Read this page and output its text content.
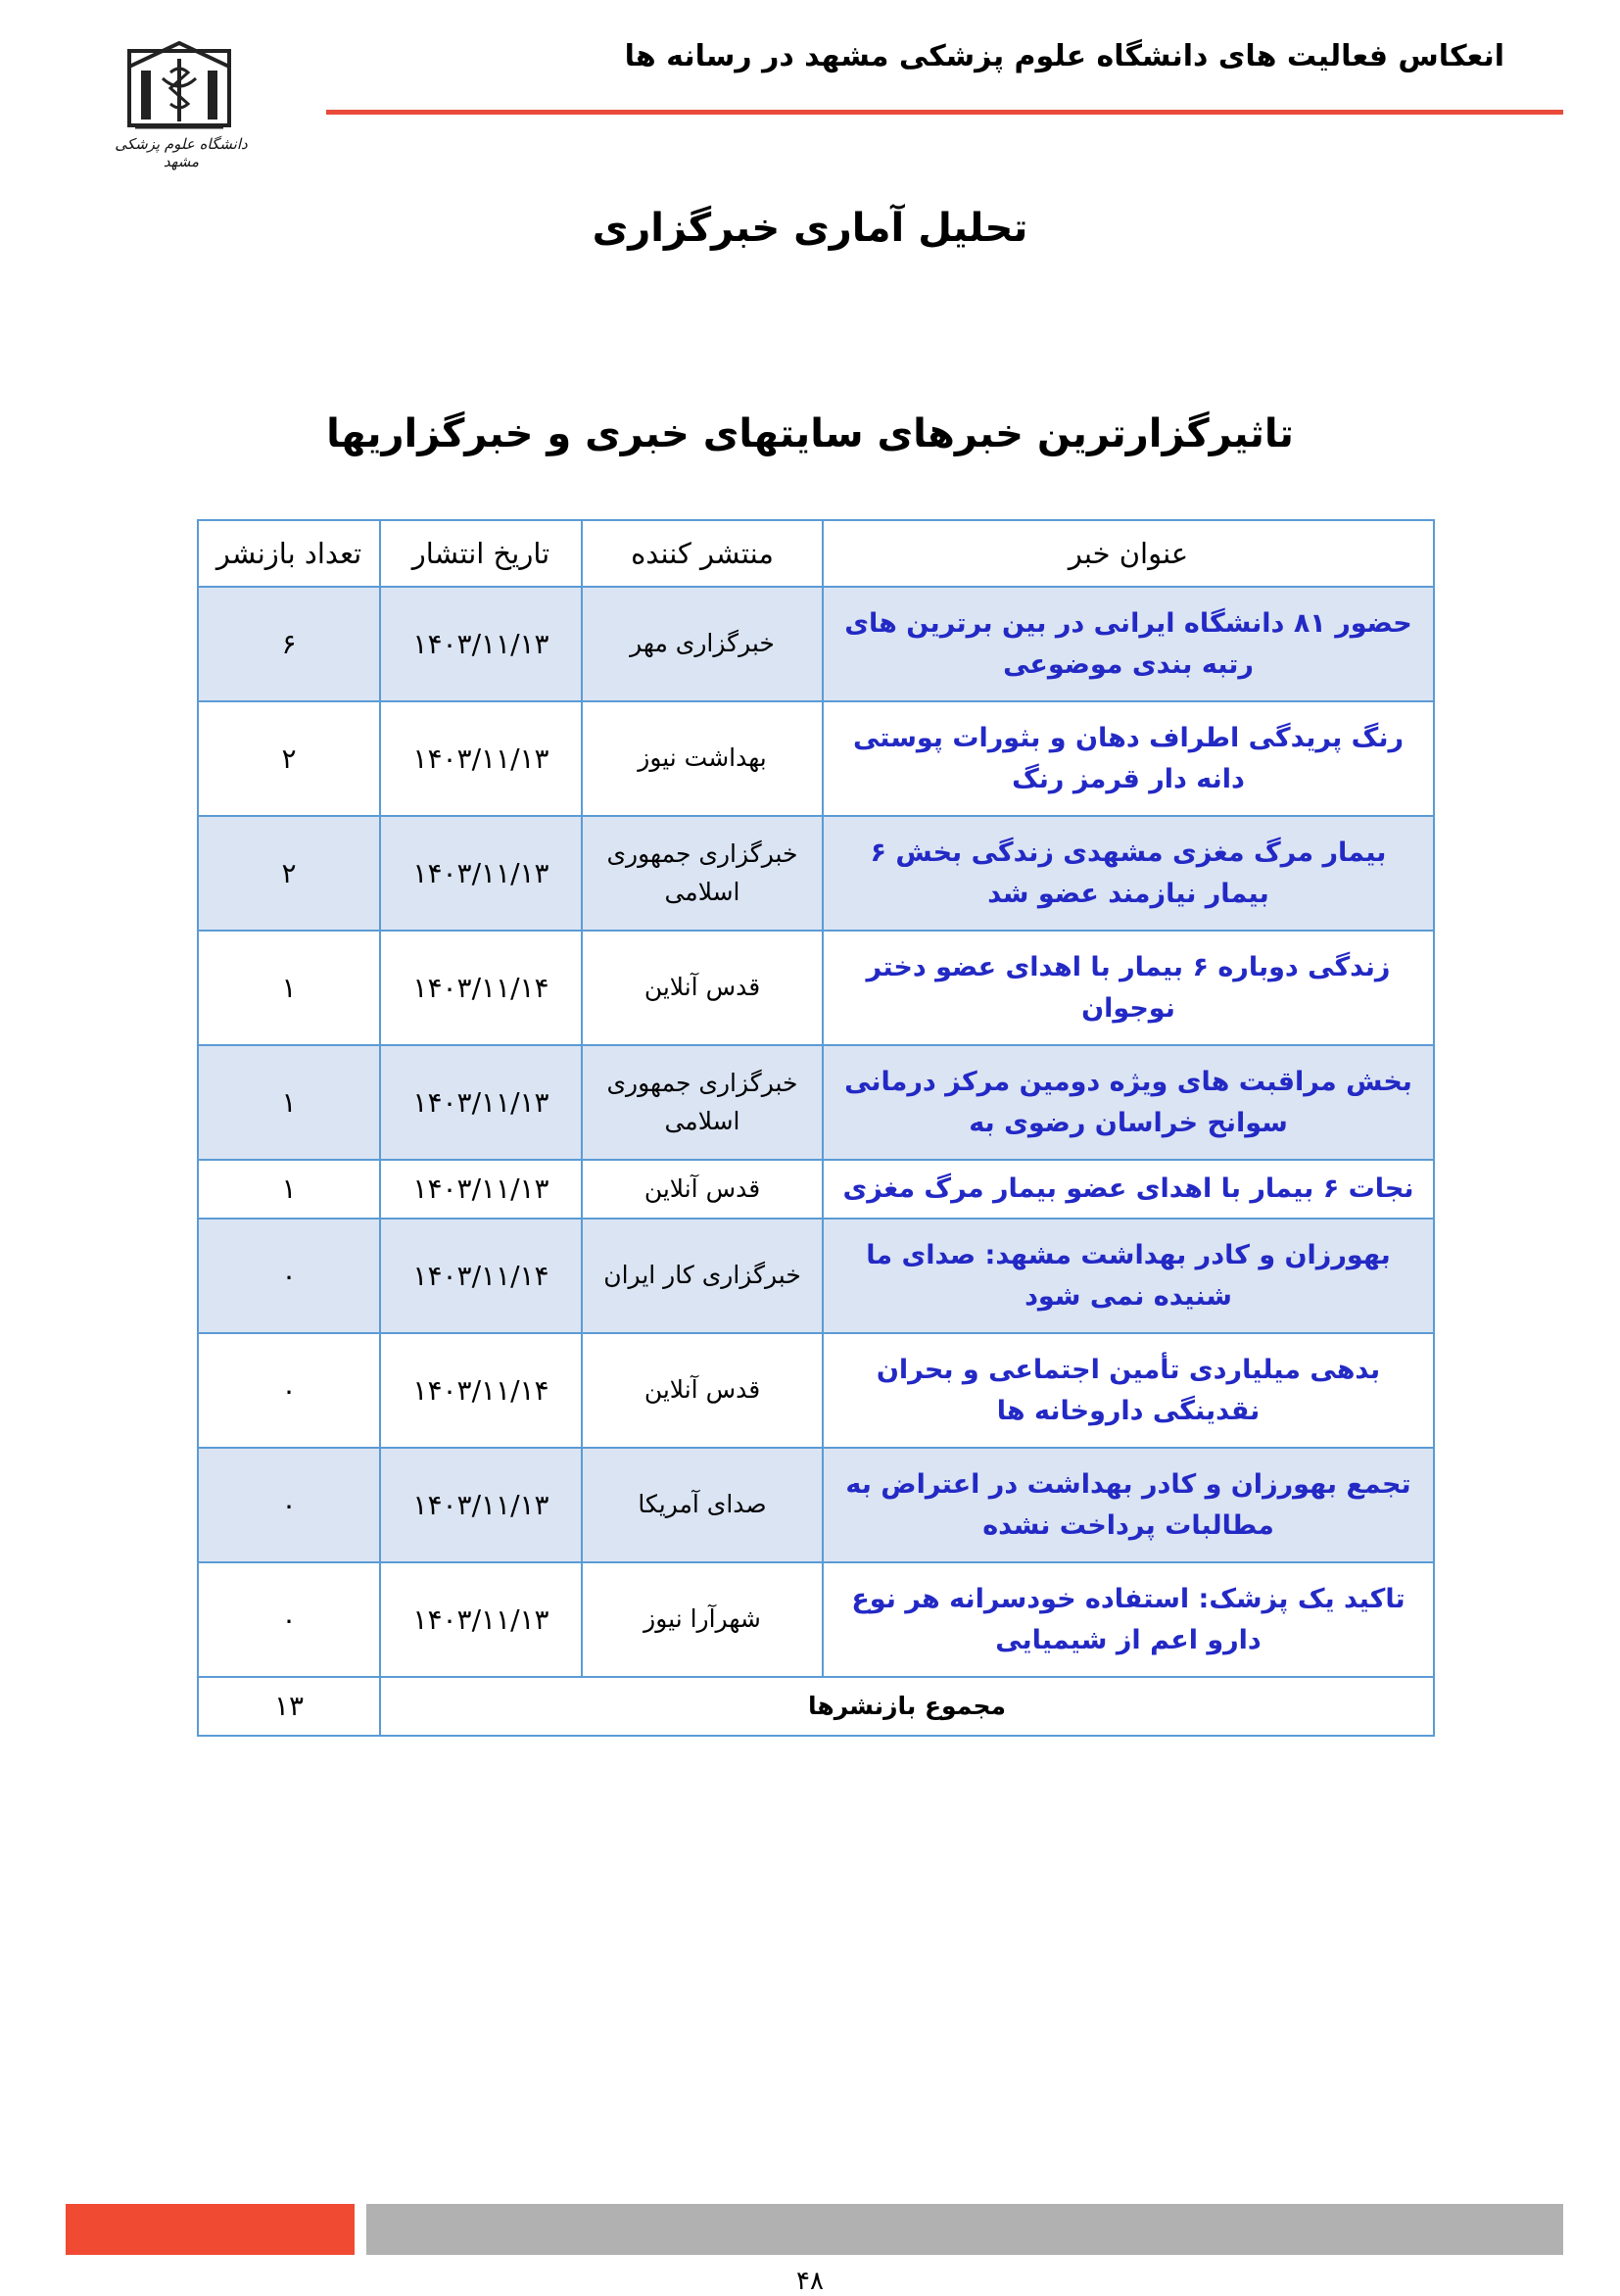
انعکاس فعالیت های دانشگاه علوم پزشکی مشهد در رسانه ها
دانشگاه علوم پزشکی مشهد
تحلیل آماری خبرگزاری
تاثیرگزارترین خبرهای سایتهای خبری و خبرگزاریها
عنوان خبر	منتشر کننده	تاریخ انتشار	تعداد بازنشر
حضور ۸۱ دانشگاه ایرانی در بین برترین های رتبه بندی موضوعی	خبرگزاری مهر	۱۴۰۳/۱۱/۱۳	۶
رنگ پریدگی اطراف دهان و بثورات پوستی دانه دار قرمز رنگ	بهداشت نیوز	۱۴۰۳/۱۱/۱۳	۲
بیمار مرگ مغزی مشهدی زندگی بخش ۶ بیمار نیازمند عضو شد	خبرگزاری جمهوری اسلامی	۱۴۰۳/۱۱/۱۳	۲
زندگی دوباره ۶ بیمار با اهدای عضو دختر نوجوان	قدس آنلاین	۱۴۰۳/۱۱/۱۴	۱
بخش مراقبت های ویژه دومین مرکز درمانی سوانح خراسان رضوی به	خبرگزاری جمهوری اسلامی	۱۴۰۳/۱۱/۱۳	۱
نجات ۶ بیمار با اهدای عضو بیمار مرگ مغزی	قدس آنلاین	۱۴۰۳/۱۱/۱۳	۱
بهورزان و کادر بهداشت مشهد: صدای ما شنیده نمی شود	خبرگزاری کار ایران	۱۴۰۳/۱۱/۱۴	۰
بدهی میلیاردی تأمین اجتماعی و بحران نقدینگی داروخانه ها	قدس آنلاین	۱۴۰۳/۱۱/۱۴	۰
تجمع بهورزان و کادر بهداشت در اعتراض به مطالبات پرداخت نشده	صدای آمریکا	۱۴۰۳/۱۱/۱۳	۰
تاکید یک پزشک: استفاده خودسرانه هر نوع دارو اعم از شیمیایی	شهرآرا نیوز	۱۴۰۳/۱۱/۱۳	۰
مجموع بازنشرها			۱۳
۴۸
